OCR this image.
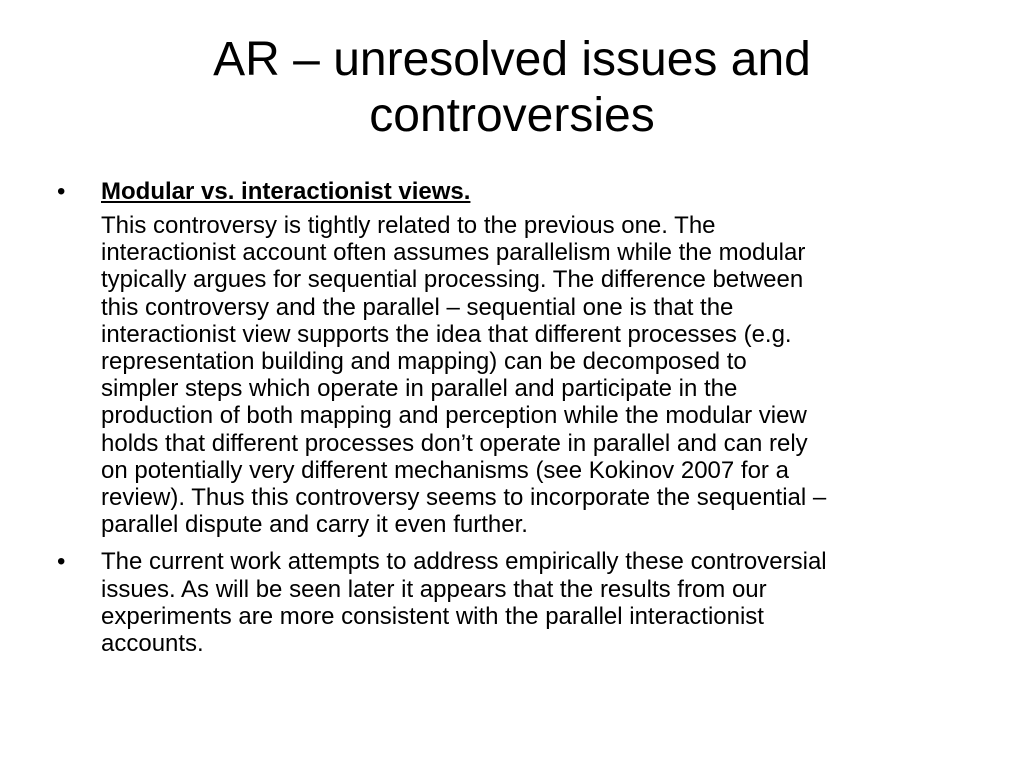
AR – unresolved issues and
controversies
•	Modular vs. interactionist views.

This controversy is tightly related to the previous one. The
interactionist account often assumes parallelism while the modular
typically argues for sequential processing. The difference between
this controversy and the parallel – sequential one is that the
interactionist view supports the idea that different processes (e.g.
representation building and mapping) can be decomposed to
simpler steps which operate in parallel and participate in the
production of both mapping and perception while the modular view
holds that different processes don’t operate in parallel and can rely
on potentially very different mechanisms (see Kokinov 2007 for a
review). Thus this controversy seems to incorporate the sequential –
parallel dispute and carry it even further.

•	The current work attempts to address empirically these controversial
issues. As will be seen later it appears that the results from our
experiments are more consistent with the parallel interactionist
accounts.
